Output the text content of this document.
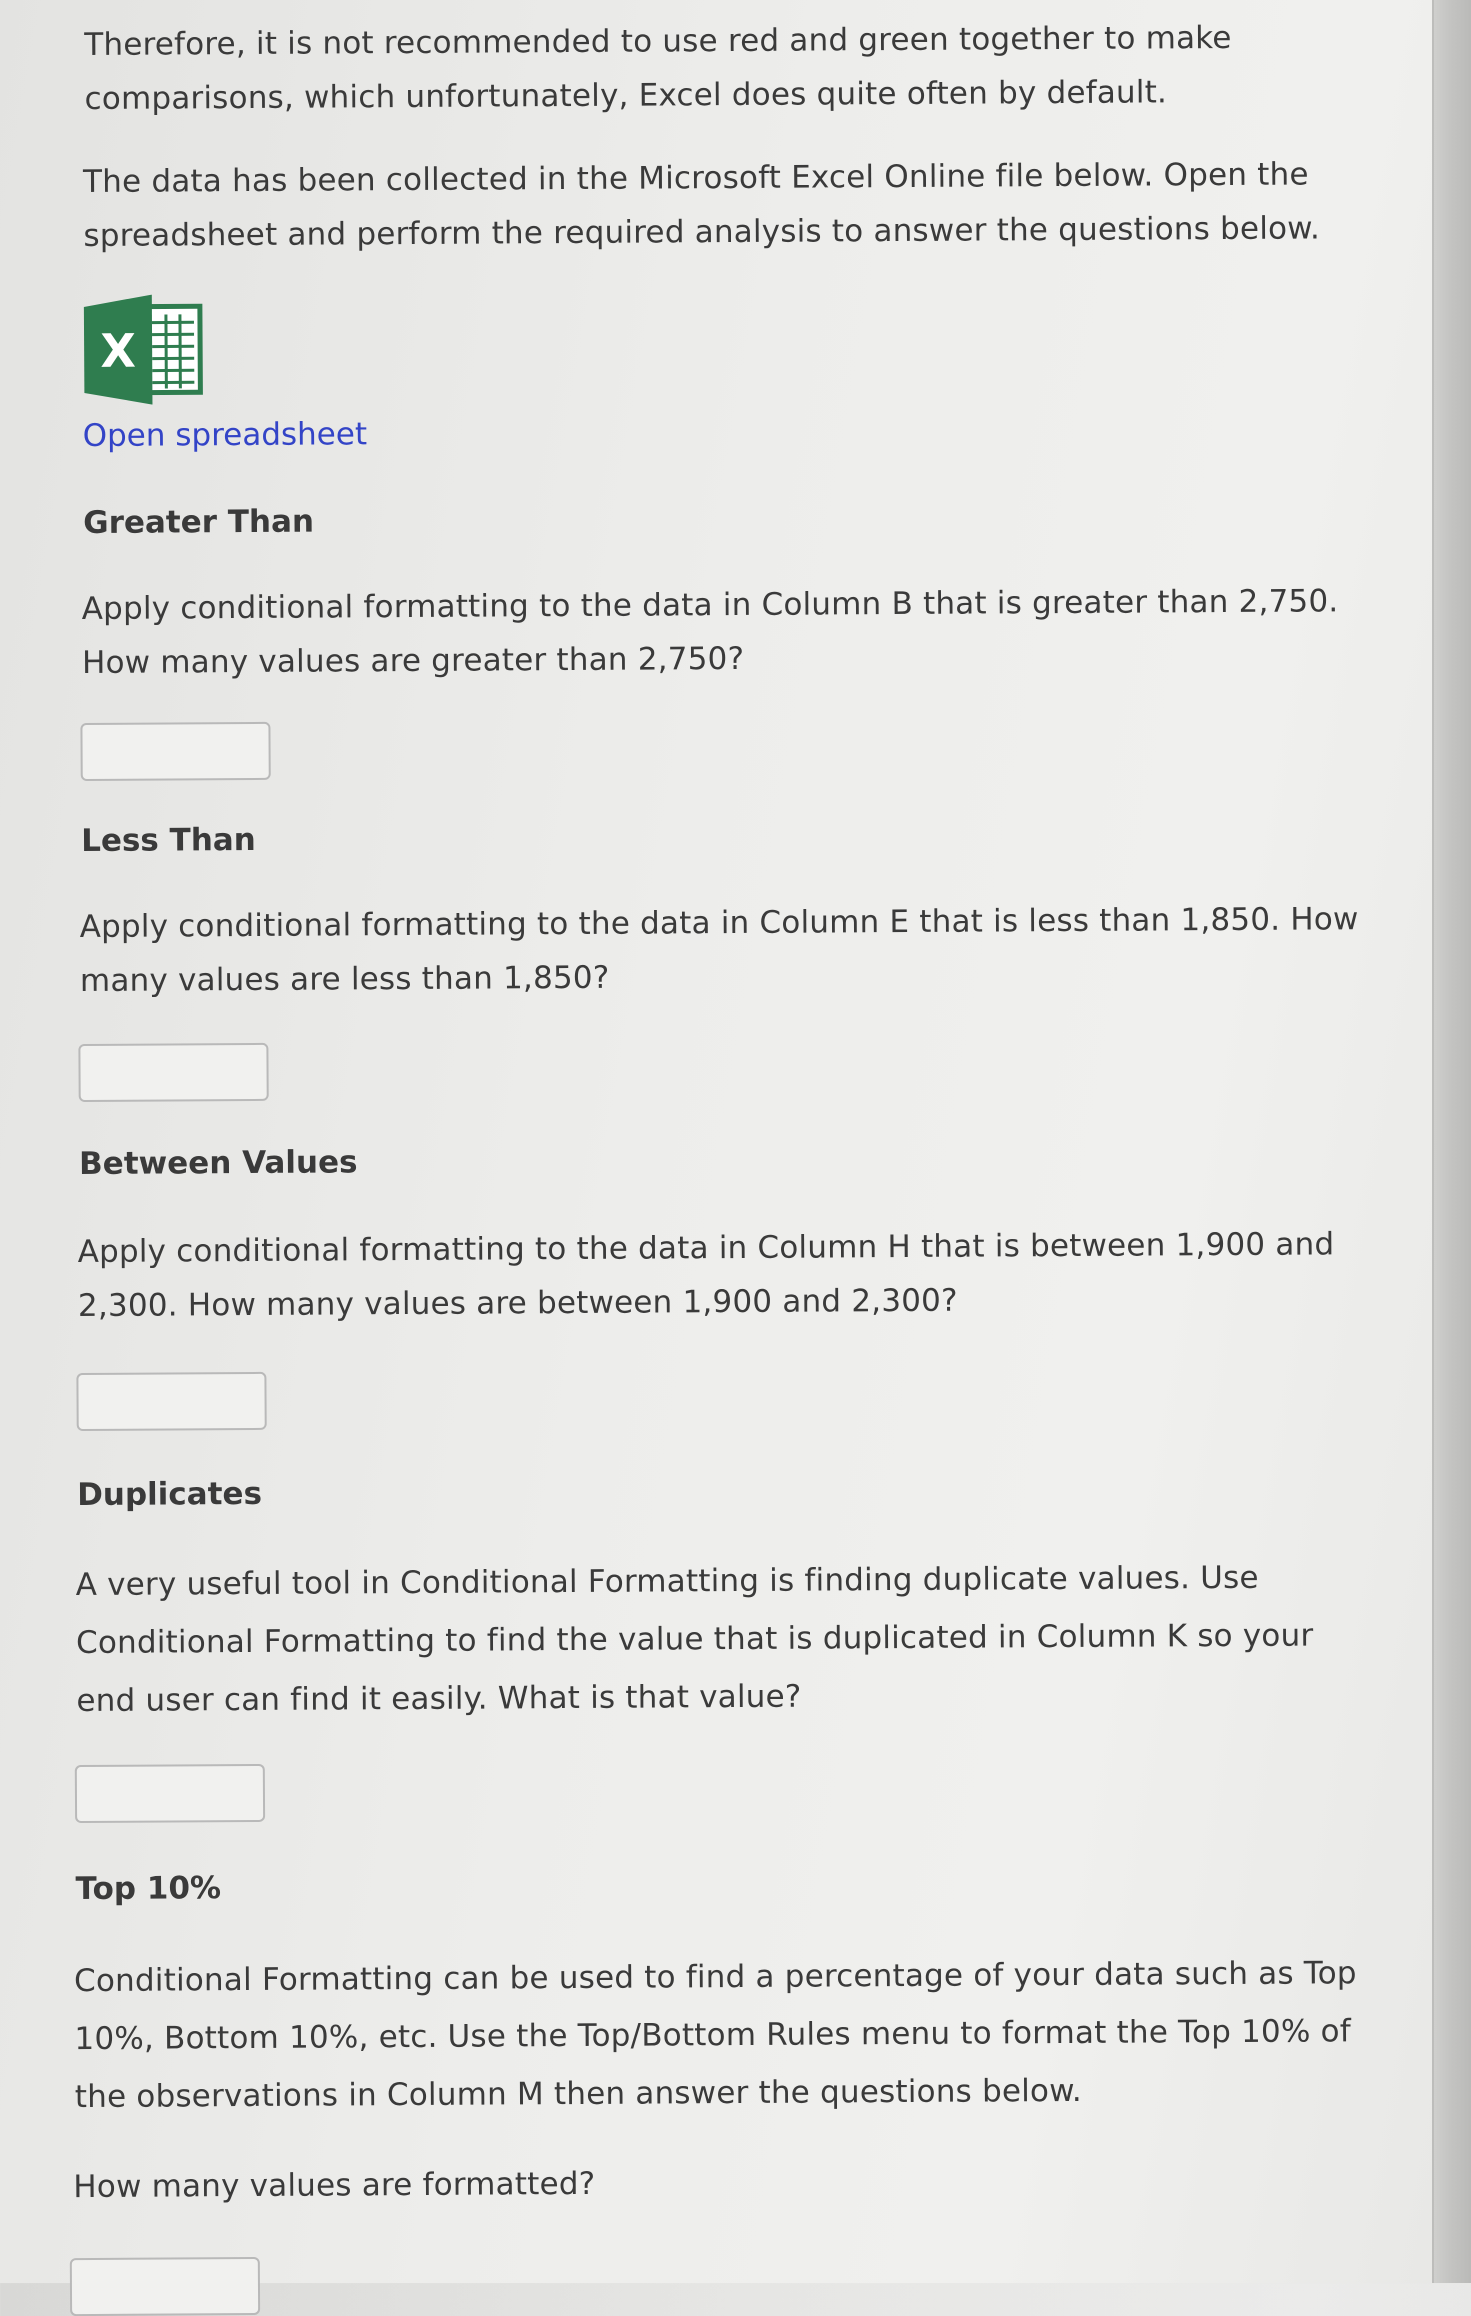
Therefore, it is not recommended to use red and green together to make comparisons, which unfortunately, Excel does quite often by default.

The data has been collected in the Microsoft Excel Online file below. Open the spreadsheet and perform the required analysis to answer the questions below.

X
Open spreadsheet
Greater Than

Apply conditional formatting to the data in Column B that is greater than 2,750. How many values are greater than 2,750?

Less Than

Apply conditional formatting to the data in Column E that is less than 1,850. How many values are less than 1,850?

Between Values

Apply conditional formatting to the data in Column H that is between 1,900 and 2,300. How many values are between 1,900 and 2,300?

Duplicates

A very useful tool in Conditional Formatting is finding duplicate values. Use Conditional Formatting to find the value that is duplicated in Column K so your end user can find it easily. What is that value?

Top 10%

Conditional Formatting can be used to find a percentage of your data such as Top 10%, Bottom 10%, etc. Use the Top/Bottom Rules menu to format the Top 10% of the observations in Column M then answer the questions below.

How many values are formatted?
